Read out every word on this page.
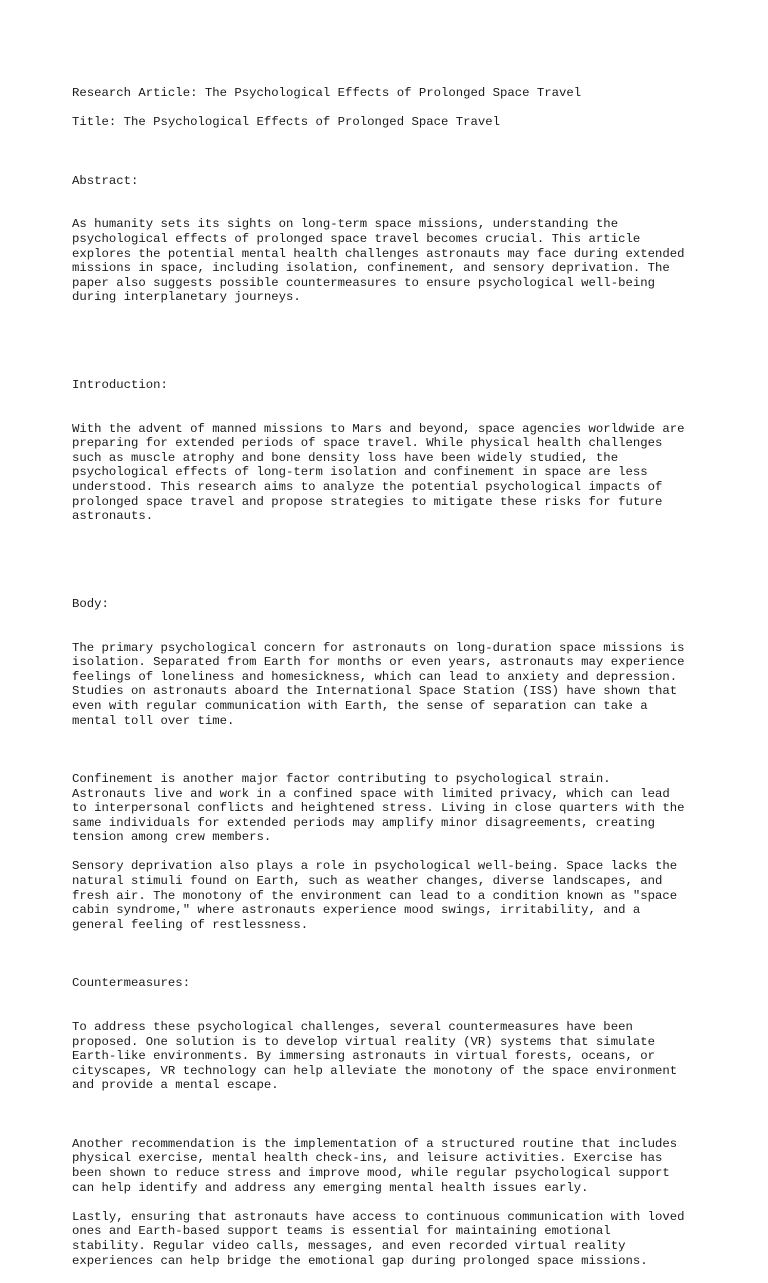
Research Article: The Psychological Effects of Prolonged Space Travel
Title: The Psychological Effects of Prolonged Space Travel

Abstract:

As humanity sets its sights on long-term space missions, understanding the
psychological effects of prolonged space travel becomes crucial. This article
explores the potential mental health challenges astronauts may face during extended
missions in space, including isolation, confinement, and sensory deprivation. The
paper also suggests possible countermeasures to ensure psychological well-being
during interplanetary journeys.

Introduction:

With the advent of manned missions to Mars and beyond, space agencies worldwide are
preparing for extended periods of space travel. While physical health challenges
such as muscle atrophy and bone density loss have been widely studied, the
psychological effects of long-term isolation and confinement in space are less
understood. This research aims to analyze the potential psychological impacts of
prolonged space travel and propose strategies to mitigate these risks for future
astronauts.

Body:

The primary psychological concern for astronauts on long-duration space missions is
isolation. Separated from Earth for months or even years, astronauts may experience
feelings of loneliness and homesickness, which can lead to anxiety and depression.
Studies on astronauts aboard the International Space Station (ISS) have shown that
even with regular communication with Earth, the sense of separation can take a
mental toll over time.

Confinement is another major factor contributing to psychological strain.
Astronauts live and work in a confined space with limited privacy, which can lead
to interpersonal conflicts and heightened stress. Living in close quarters with the
same individuals for extended periods may amplify minor disagreements, creating
tension among crew members.
Sensory deprivation also plays a role in psychological well-being. Space lacks the
natural stimuli found on Earth, such as weather changes, diverse landscapes, and
fresh air. The monotony of the environment can lead to a condition known as "space
cabin syndrome," where astronauts experience mood swings, irritability, and a
general feeling of restlessness.

Countermeasures:

To address these psychological challenges, several countermeasures have been
proposed. One solution is to develop virtual reality (VR) systems that simulate
Earth-like environments. By immersing astronauts in virtual forests, oceans, or
cityscapes, VR technology can help alleviate the monotony of the space environment
and provide a mental escape.

Another recommendation is the implementation of a structured routine that includes
physical exercise, mental health check-ins, and leisure activities. Exercise has
been shown to reduce stress and improve mood, while regular psychological support
can help identify and address any emerging mental health issues early.
Lastly, ensuring that astronauts have access to continuous communication with loved
ones and Earth-based support teams is essential for maintaining emotional
stability. Regular video calls, messages, and even recorded virtual reality
experiences can help bridge the emotional gap during prolonged space missions.
